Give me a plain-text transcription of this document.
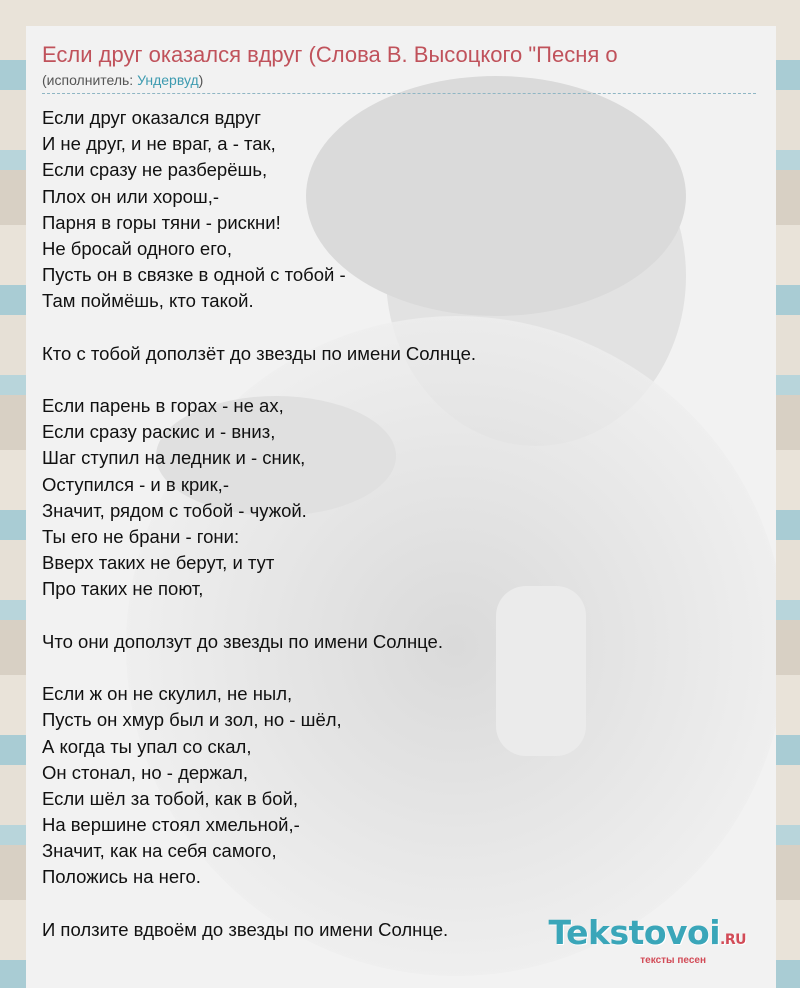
Если друг оказался вдруг (Слова В. Высоцкого "Песня о
(исполнитель: Ундервуд)
Если друг оказался вдруг
И не друг, и не враг, а - так,
Если сразу не разберёшь,
Плох он или хорош,-
Парня в горы тяни - рискни!
Не бросай одного его,
Пусть он в связке в одной с тобой -
Там поймёшь, кто такой.
Кто с тобой доползёт до звезды по имени Солнце.
Если парень в горах - не ах,
Если сразу раскис и - вниз,
Шаг ступил на ледник и - сник,
Оступился - и в крик,-
Значит, рядом с тобой - чужой.
Ты его не брани - гони:
Вверх таких не берут, и тут
Про таких не поют,
Что они доползут до звезды по имени Солнце.
Если ж он не скулил, не ныл,
Пусть он хмур был и зол, но - шёл,
А когда ты упал со скал,
Он стонал, но - держал,
Если шёл за тобой, как в бой,
На вершине стоял хмельной,-
Значит, как на себя самого,
Положись на него.
И ползите вдвоём до звезды по имени Солнце.	Tekstovoi.RU
тексты песен
